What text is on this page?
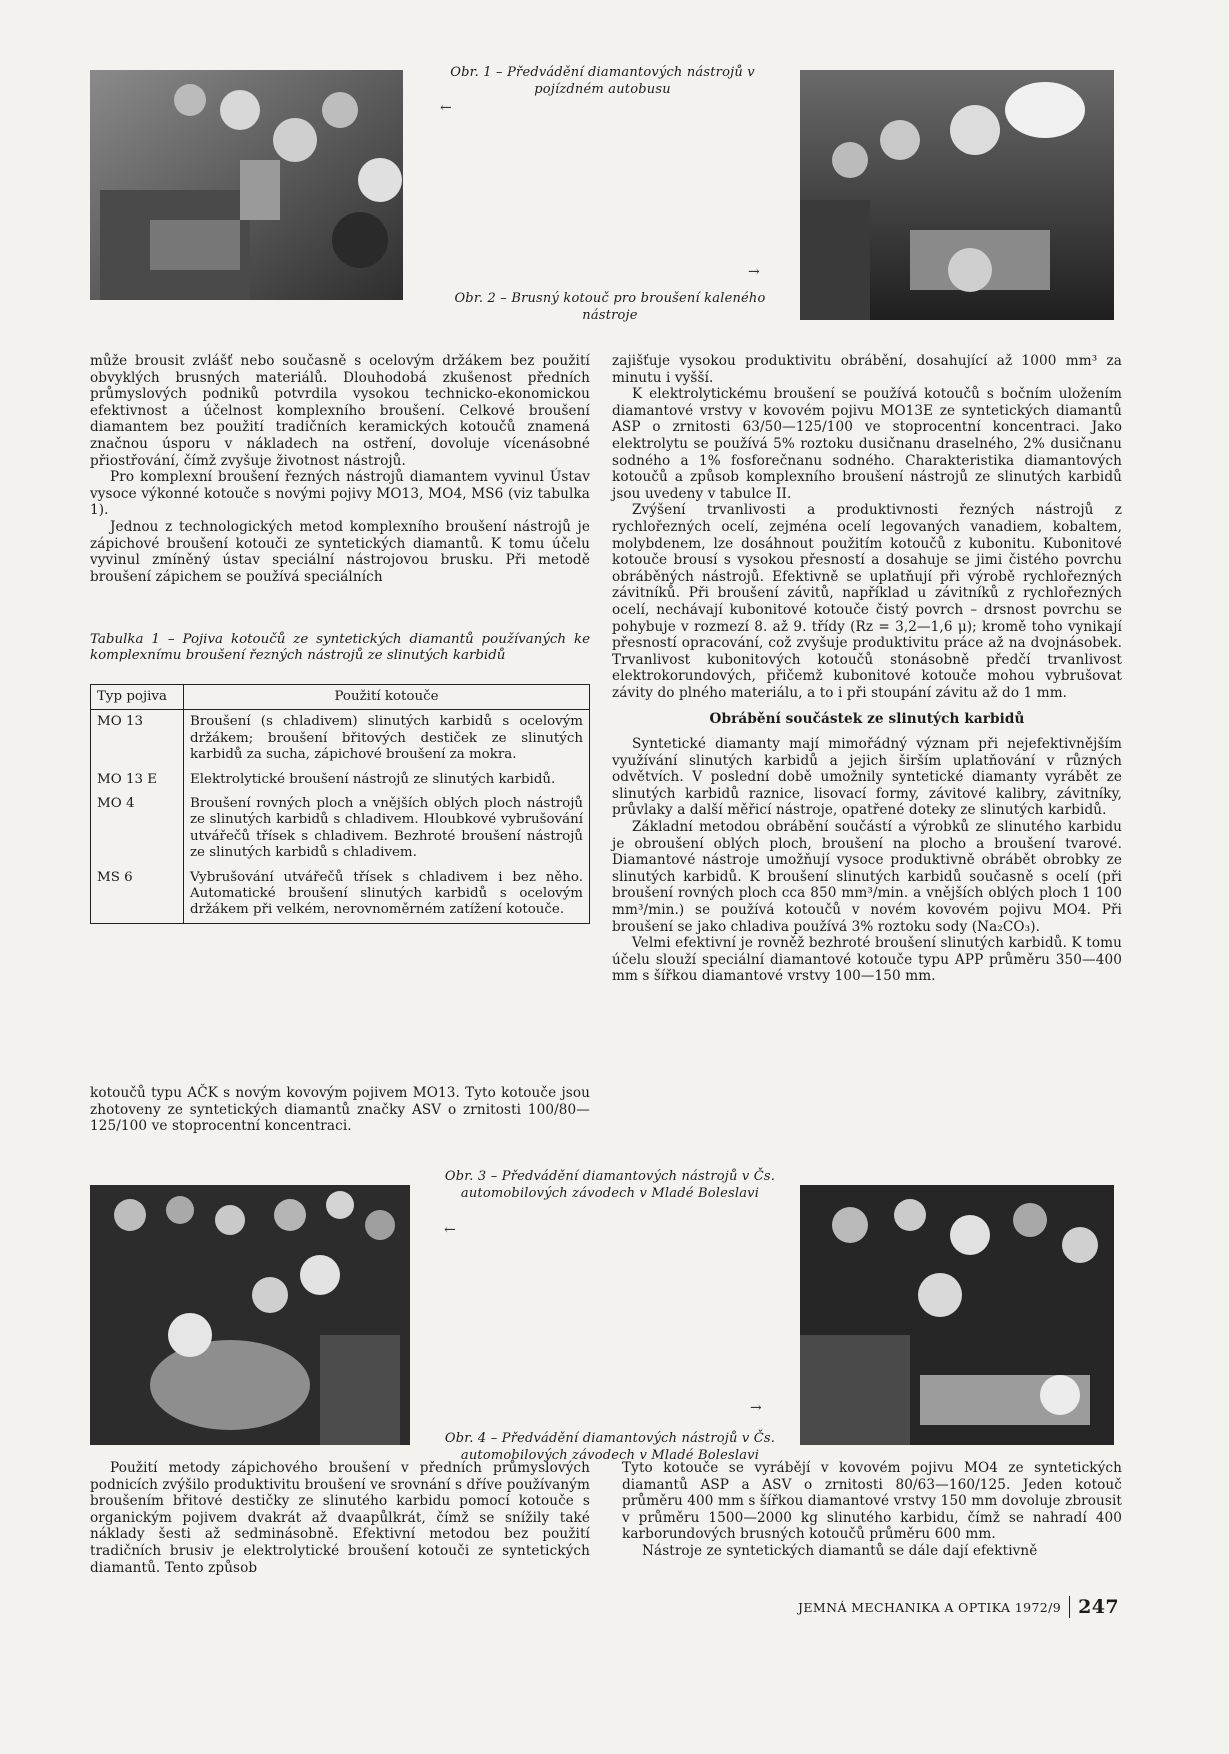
Obr. 1 – Předvádění diamantových nástrojů v pojízdném autobusu
←
→
Obr. 2 – Brusný kotouč pro broušení kaleného nástroje

může brousit zvlášť nebo současně s ocelovým držákem bez použití obvyklých brusných materiálů. Dlouhodobá zkušenost předních průmyslových podniků potvrdila vysokou technicko-ekonomickou efektivnost a účelnost komplexního broušení. Celkové broušení diamantem bez použití tradičních keramických kotoučů znamená značnou úsporu v nákladech na ostření, dovoluje vícenásobné přiostřování, čímž zvyšuje životnost nástrojů.

Pro komplexní broušení řezných nástrojů diamantem vyvinul Ústav vysoce výkonné kotouče s novými pojivy MO13, MO4, MS6 (viz tabulka 1).

Jednou z technologických metod komplexního broušení nástrojů je zápichové broušení kotouči ze syntetických diamantů. K tomu účelu vyvinul zmíněný ústav speciální nástrojovou brusku. Při metodě broušení zápichem se používá speciálních

Tabulka 1 – Pojiva kotoučů ze syntetických diamantů používaných ke komplexnímu broušení řezných nástrojů ze slinutých karbidů
Typ pojiva	Použití kotouče
MO 13	Broušení (s chladivem) slinutých karbidů s ocelovým držákem; broušení břitových destiček ze slinutých karbidů za sucha, zápichové broušení za mokra.
MO 13 E	Elektrolytické broušení nástrojů ze slinutých karbidů.
MO 4	Broušení rovných ploch a vnějších oblých ploch nástrojů ze slinutých karbidů s chladivem. Hloubkové vybrušování utvářečů třísek s chladivem. Bezhroté broušení nástrojů ze slinutých karbidů s chladivem.
MS 6	Vybrušování utvářečů třísek s chladivem i bez něho. Automatické broušení slinutých karbidů s ocelovým držákem při velkém, nerovnoměrném zatížení kotouče.

kotoučů typu AČK s novým kovovým pojivem MO13. Tyto kotouče jsou zhotoveny ze syntetických diamantů značky ASV o zrnitosti 100/80—125/100 ve stoprocentní koncentraci.

zajišťuje vysokou produktivitu obrábění, dosahující až 1000 mm³ za minutu i vyšší.

K elektrolytickému broušení se používá kotoučů s bočním uložením diamantové vrstvy v kovovém pojivu MO13E ze syntetických diamantů ASP o zrnitosti 63/50—125/100 ve stoprocentní koncentraci. Jako elektrolytu se používá 5% roztoku dusičnanu draselného, 2% dusičnanu sodného a 1% fosforečnanu sodného. Charakteristika diamantových kotoučů a způsob komplexního broušení nástrojů ze slinutých karbidů jsou uvedeny v tabulce II.

Zvýšení trvanlivosti a produktivnosti řezných nástrojů z rychlořezných ocelí, zejména ocelí legovaných vanadiem, kobaltem, molybdenem, lze dosáhnout použitím kotoučů z kubonitu. Kubonitové kotouče brousí s vysokou přesností a dosahuje se jimi čistého povrchu obráběných nástrojů. Efektivně se uplatňují při výrobě rychlořezných závitníků. Při broušení závitů, například u závitníků z rychlořezných ocelí, nechávají kubonitové kotouče čistý povrch – drsnost povrchu se pohybuje v rozmezí 8. až 9. třídy (Rz = 3,2—1,6 μ); kromě toho vynikají přesností opracování, což zvyšuje produktivitu práce až na dvojnásobek. Trvanlivost kubonitových kotoučů stonásobně předčí trvanlivost elektrokorundových, přičemž kubonitové kotouče mohou vybrušovat závity do plného materiálu, a to i při stoupání závitu až do 1 mm.

Obrábění součástek ze slinutých karbidů

Syntetické diamanty mají mimořádný význam při nejefektivnějším využívání slinutých karbidů a jejich širším uplatňování v různých odvětvích. V poslední době umožnily syntetické diamanty vyrábět ze slinutých karbidů raznice, lisovací formy, závitové kalibry, závitníky, průvlaky a další měřicí nástroje, opatřené doteky ze slinutých karbidů.

Základní metodou obrábění součástí a výrobků ze slinutého karbidu je obroušení oblých ploch, broušení na plocho a broušení tvarové. Diamantové nástroje umožňují vysoce produktivně obrábět obrobky ze slinutých karbidů. K broušení slinutých karbidů současně s ocelí (při broušení rovných ploch cca 850 mm³/min. a vnějších oblých ploch 1 100 mm³/min.) se používá kotoučů v novém kovovém pojivu MO4. Při broušení se jako chladiva používá 3% roztoku sody (Na₂CO₃).

Velmi efektivní je rovněž bezhroté broušení slinutých karbidů. K tomu účelu slouží speciální diamantové kotouče typu APP průměru 350—400 mm s šířkou diamantové vrstvy 100—150 mm.

Obr. 3 – Předvádění diamantových nástrojů v Čs. automobilových závodech v Mladé Boleslavi
←
→
Obr. 4 – Předvádění diamantových nástrojů v Čs. automobilových závodech v Mladé Boleslavi

Použití metody zápichového broušení v předních průmyslových podnicích zvýšilo produktivitu broušení ve srovnání s dříve používaným broušením břitové destičky ze slinutého karbidu pomocí kotouče s organickým pojivem dvakrát až dvaapůlkrát, čímž se snížily také náklady šesti až sedminásobně. Efektivní metodou bez použití tradičních brusiv je elektrolytické broušení kotouči ze syntetických diamantů. Tento způsob

Tyto kotouče se vyrábějí v kovovém pojivu MO4 ze syntetických diamantů ASP a ASV o zrnitosti 80/63—160/125. Jeden kotouč průměru 400 mm s šířkou diamantové vrstvy 150 mm dovoluje zbrousit v průměru 1500—2000 kg slinutého karbidu, čímž se nahradí 400 karborundových brusných kotoučů průměru 600 mm.

Nástroje ze syntetických diamantů se dále dají efektivně

JEMNÁ MECHANIKA A OPTIKA 1972/9 247
